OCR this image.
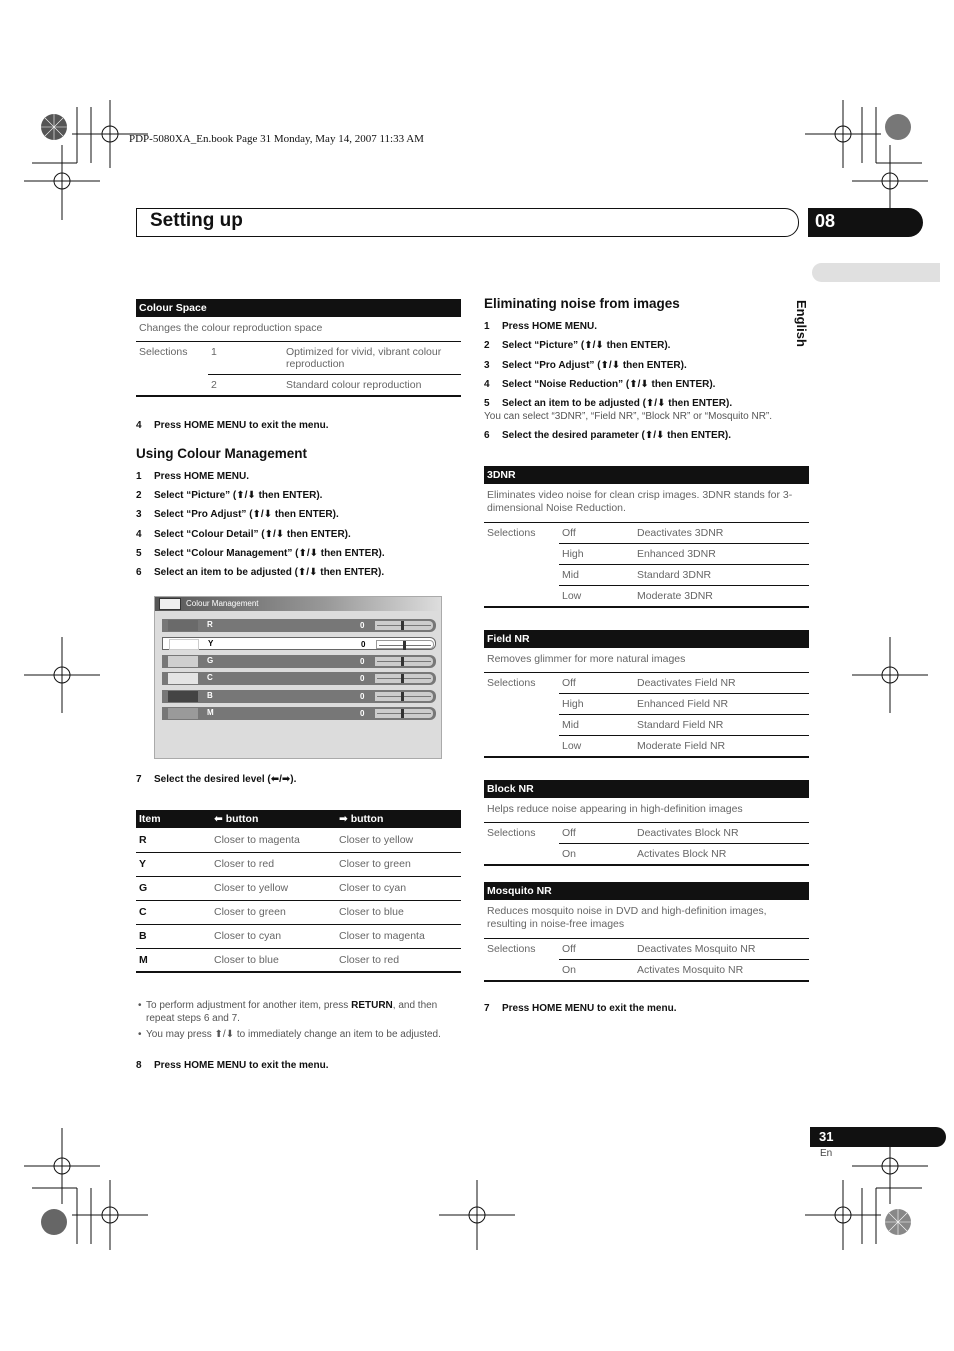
PDP-5080XA_En.book Page 31 Monday, May 14, 2007 11:33 AM
Setting up	08
English
Colour Space		
Changes the colour reproduction space		
Selections	1	Optimized for vivid, vibrant colour reproduction
	2	Standard colour reproduction
4 Press HOME MENU to exit the menu.
Using Colour Management
1 Press HOME MENU.
2 Select “Picture” (⬆/⬇ then ENTER).
3 Select “Pro Adjust” (⬆/⬇ then ENTER).
4 Select “Colour Detail” (⬆/⬇ then ENTER).
5 Select “Colour Management” (⬆/⬇ then ENTER).
6 Select an item to be adjusted (⬆/⬇ then ENTER).
R	0
Y	0
G	0
C	0
B	0
M	0
Colour Management
7 Select the desired level (⬅/➡).
Item	⬅ button	➡ button
R	Closer to magenta	Closer to yellow
Y	Closer to red	Closer to green
G	Closer to yellow	Closer to cyan
C	Closer to green	Closer to blue
B	Closer to cyan	Closer to magenta
M	Closer to blue	Closer to red
• To perform adjustment for another item, press RETURN, and then repeat steps 6 and 7.
• You may press ⬆/⬇ to immediately change an item to be adjusted.
8 Press HOME MENU to exit the menu.
Eliminating noise from images
1 Press HOME MENU.
2 Select “Picture” (⬆/⬇ then ENTER).
3 Select “Pro Adjust” (⬆/⬇ then ENTER).
4 Select “Noise Reduction” (⬆/⬇ then ENTER).
5 Select an item to be adjusted (⬆/⬇ then ENTER).
You can select “3DNR”, “Field NR”, “Block NR” or “Mosquito NR”.
6 Select the desired parameter (⬆/⬇ then ENTER).
3DNR		
Eliminates video noise for clean crisp images. 3DNR stands for 3-dimensional Noise Reduction.		
Selections	Off	Deactivates 3DNR
	High	Enhanced 3DNR
	Mid	Standard 3DNR
	Low	Moderate 3DNR
Field NR		
Removes glimmer for more natural images		
Selections	Off	Deactivates Field NR
	High	Enhanced Field NR
	Mid	Standard Field NR
	Low	Moderate Field NR
Block NR		
Helps reduce noise appearing in high-definition images		
Selections	Off	Deactivates Block NR
	On	Activates Block NR
Mosquito NR		
Reduces mosquito noise in DVD and high-definition images, resulting in noise-free images		
Selections	Off	Deactivates Mosquito NR
	On	Activates Mosquito NR
7 Press HOME MENU to exit the menu.
31
En
